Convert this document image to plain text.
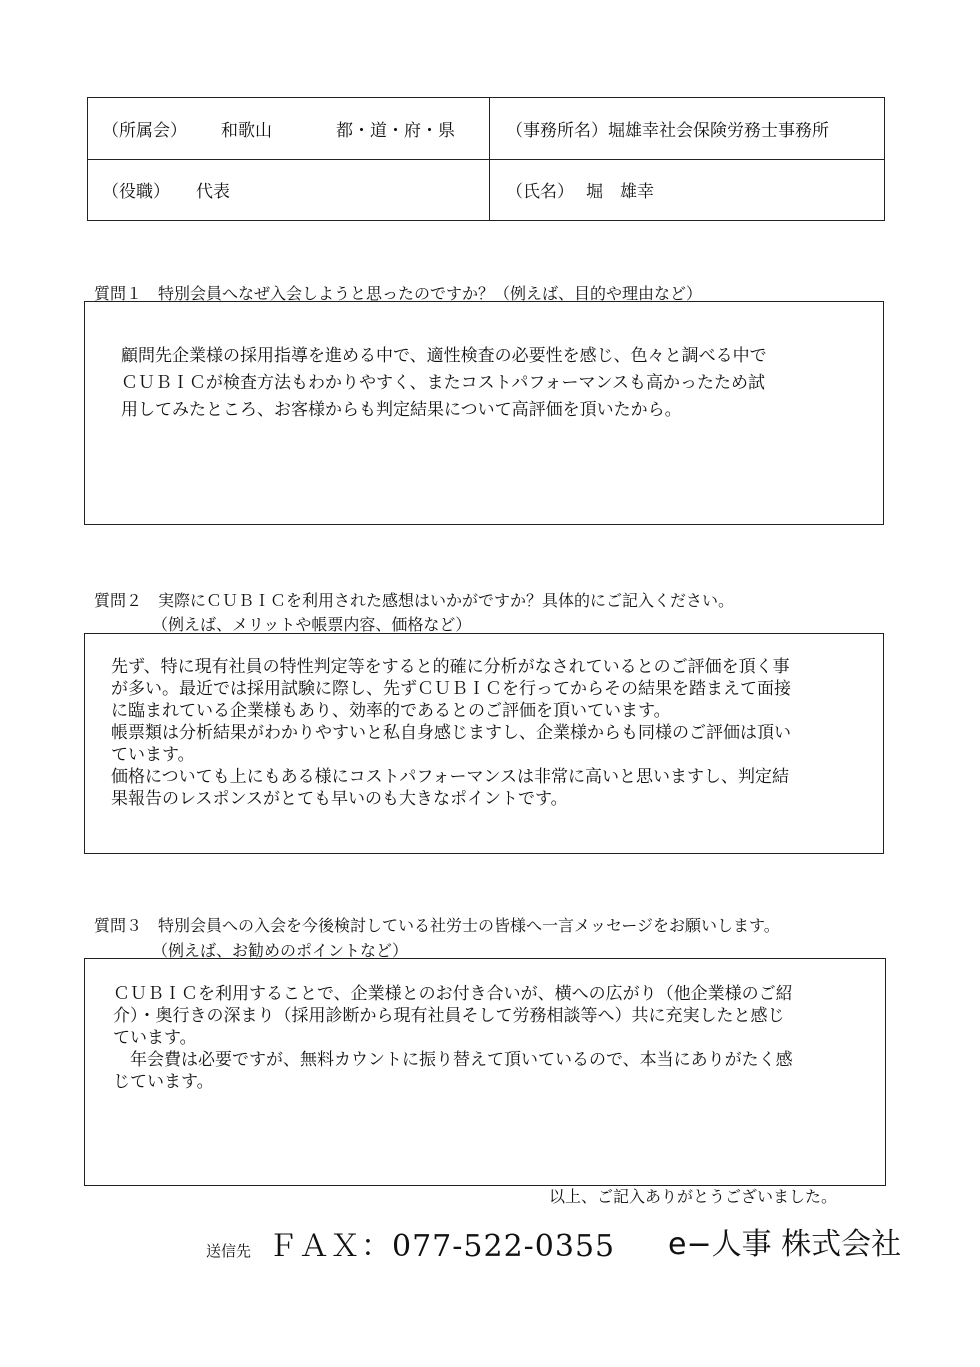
（所属会） 和歌山	都・道・府・県	（事務所名） 堀雄幸社会保険労務士事務所
（役職） 代表	（氏名） 堀　雄幸
質問１　特別会員へなぜ入会しようと思ったのですか？（例えば、目的や理由など）
顧問先企業様の採用指導を進める中で、適性検査の必要性を感じ、色々と調べる中で
ＣＵＢＩＣが検査方法もわかりやすく、またコストパフォーマンスも高かったため試
用してみたところ、お客様からも判定結果について高評価を頂いたから。
質問２　実際にＣＵＢＩＣを利用された感想はいかがですか？具体的にご記入ください。
（例えば、メリットや帳票内容、価格など）
先ず、特に現有社員の特性判定等をすると的確に分析がなされているとのご評価を頂く事
が多い。最近では採用試験に際し、先ずＣＵＢＩＣを行ってからその結果を踏まえて面接
に臨まれている企業様もあり、効率的であるとのご評価を頂いています。
帳票類は分析結果がわかりやすいと私自身感じますし、企業様からも同様のご評価は頂い
ています。
価格についても上にもある様にコストパフォーマンスは非常に高いと思いますし、判定結
果報告のレスポンスがとても早いのも大きなポイントです。
質問３　特別会員への入会を今後検討している社労士の皆様へ一言メッセージをお願いします。
（例えば、お勧めのポイントなど）
ＣＵＢＩＣを利用することで、企業様とのお付き合いが、横への広がり（他企業様のご紹
介）・奥行きの深まり（採用診断から現有社員そして労務相談等へ）共に充実したと感じ
ています。
　年会費は必要ですが、無料カウントに振り替えて頂いているので、本当にありがたく感
じています。
以上、ご記入ありがとうございました。
送信先 ＦＡＸ：077-522-0355 e−人事 株式会社
